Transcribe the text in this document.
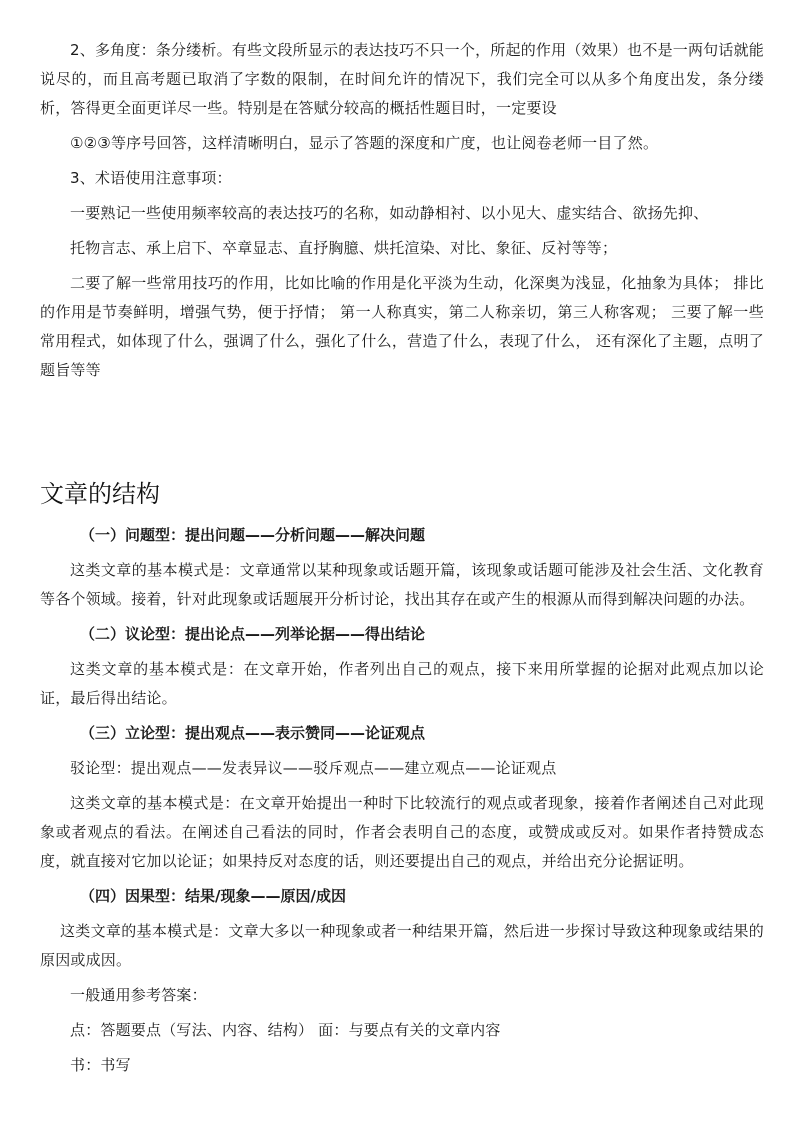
2、多角度：条分缕析。有些文段所显示的表达技巧不只一个，所起的作用（效果）也不是一两句话就能说尽的，而且高考题已取消了字数的限制，在时间允许的情况下，我们完全可以从多个角度出发，条分缕析，答得更全面更详尽一些。特别是在答赋分较高的概括性题目时，一定要设

①②③等序号回答，这样清晰明白，显示了答题的深度和广度，也让阅卷老师一目了然。

3、术语使用注意事项：

一要熟记一些使用频率较高的表达技巧的名称，如动静相衬、以小见大、虚实结合、欲扬先抑、

托物言志、承上启下、卒章显志、直抒胸臆、烘托渲染、对比、象征、反衬等等；

二要了解一些常用技巧的作用，比如比喻的作用是化平淡为生动，化深奥为浅显，化抽象为具体； 排比的作用是节奏鲜明，增强气势，便于抒情； 第一人称真实，第二人称亲切，第三人称客观； 三要了解一些常用程式，如体现了什么，强调了什么，强化了什么，营造了什么，表现了什么， 还有深化了主题，点明了题旨等等

文章的结构

（一）问题型：提出问题——分析问题——解决问题

这类文章的基本模式是：文章通常以某种现象或话题开篇，该现象或话题可能涉及社会生活、文化教育等各个领域。接着，针对此现象或话题展开分析讨论，找出其存在或产生的根源从而得到解决问题的办法。

（二）议论型：提出论点——列举论据——得出结论

这类文章的基本模式是：在文章开始，作者列出自己的观点，接下来用所掌握的论据对此观点加以论证，最后得出结论。

（三）立论型：提出观点——表示赞同——论证观点

驳论型：提出观点——发表异议——驳斥观点——建立观点——论证观点

这类文章的基本模式是：在文章开始提出一种时下比较流行的观点或者现象，接着作者阐述自己对此现象或者观点的看法。在阐述自己看法的同时，作者会表明自己的态度，或赞成或反对。如果作者持赞成态度，就直接对它加以论证；如果持反对态度的话，则还要提出自己的观点，并给出充分论据证明。

（四）因果型：结果/现象——原因/成因

这类文章的基本模式是：文章大多以一种现象或者一种结果开篇，然后进一步探讨导致这种现象或结果的原因或成因。

一般通用参考答案：

点：答题要点（写法、内容、结构） 面：与要点有关的文章内容

书：书写
